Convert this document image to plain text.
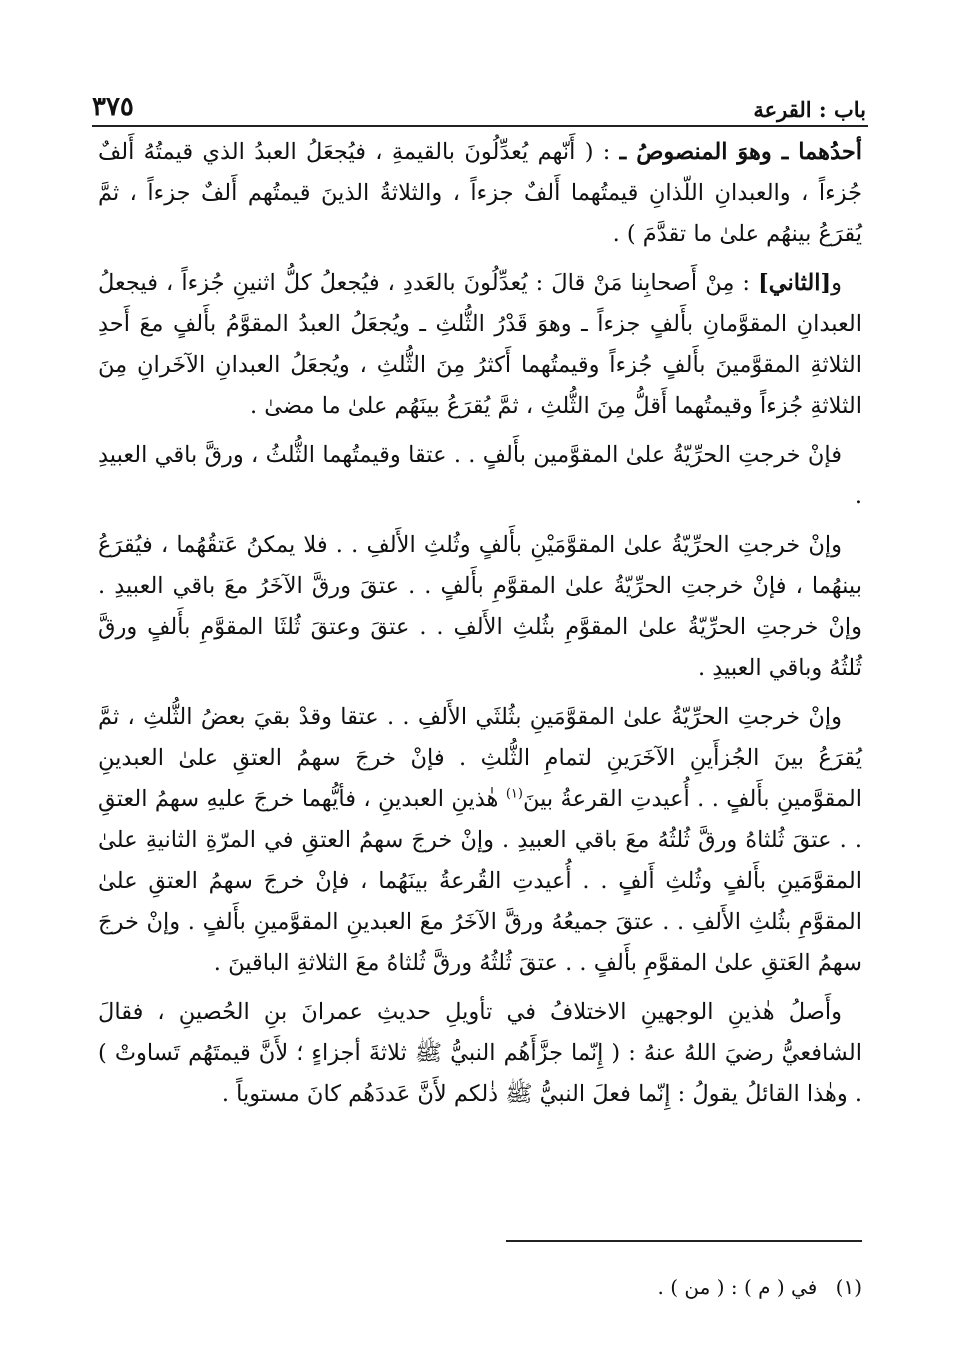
باب : القرعة
٣٧٥

أحدُهما ـ وهوَ المنصوصُ ـ : ( أَنّهم يُعدِّلُونَ بالقيمةِ ، فيُجعَلُ العبدُ الذي قيمتُهُ أَلفٌ جُزءاً ، والعبدانِ اللّذانِ قيمتُهما أَلفٌ جزءاً ، والثلاثةُ الذينَ قيمتُهم أَلفٌ جزءاً ، ثمَّ يُقرَعُ بينهُم علىٰ ما تقدَّمَ ) .

و[الثاني] : مِنْ أَصحابِنا مَنْ قالَ : يُعدِّلُونَ بالعَددِ ، فيُجعلُ كلُّ اثنينِ جُزءاً ، فيجعلُ العبدانِ المقوَّمانِ بأَلفٍ جزءاً ـ وهوَ قَدْرُ الثُّلثِ ـ ويُجعَلُ العبدُ المقوَّمُ بأَلفٍ معَ أَحدِ الثلاثةِ المقوَّمينَ بأَلفٍ جُزءاً وقيمتُهما أَكثرُ مِنَ الثُّلثِ ، ويُجعَلُ العبدانِ الآخَرانِ مِنَ الثلاثةِ جُزءاً وقيمتُهما أَقلُّ مِنَ الثُّلثِ ، ثمَّ يُقرَعُ بينَهُم علىٰ ما مضىٰ .

فإنْ خرجتِ الحرِّيّةُ علىٰ المقوَّمين بأَلفٍ . . عتقا وقيمتُهما الثُّلثُ ، ورقَّ باقي العبيدِ .

وإنْ خرجتِ الحرِّيّةُ علىٰ المقوَّمَيْنِ بأَلفٍ وثُلثِ الأَلفِ . . فلا يمكنُ عَتقُهُما ، فيُقرَعُ بينهُما ، فإنْ خرجتِ الحرِّيّةُ علىٰ المقوَّمِ بأَلفٍ . . عتقَ ورقَّ الآخَرُ معَ باقي العبيدِ . وإنْ خرجتِ الحرِّيّةُ علىٰ المقوَّمِ بثُلثِ الأَلفِ . . عتقَ وعتقَ ثُلثَا المقوَّمِ بأَلفٍ ورقَّ ثُلثُهُ وباقي العبيدِ .

وإنْ خرجتِ الحرِّيّةُ علىٰ المقوَّمَينِ بثُلثَي الأَلفِ . . عتقا وقدْ بقيَ بعضُ الثُّلثِ ، ثمَّ يُقرَعُ بينَ الجُزأَينِ الآخَرَينِ لتمامِ الثُّلثِ . فإنْ خرجَ سهمُ العتقِ علىٰ العبدينِ المقوَّمينِ بأَلفٍ . . أُعيدتِ القرعةُ بينَ$^{(١)}$ هٰذينِ العبدينِ ، فأيُّهما خرجَ عليهِ سهمُ العتقِ . . عتقَ ثُلثاهُ ورقَّ ثُلثُهُ معَ باقي العبيدِ . وإنْ خرجَ سهمُ العتقِ في المرّةِ الثانيةِ علىٰ المقوَّمَينِ بأَلفٍ وثُلثِ أَلفٍ . . أُعيدتِ القُرعةُ بينَهُما ، فإنْ خرجَ سهمُ العتقِ علىٰ المقوَّمِ بثُلثِ الأَلفِ . . عتقَ جميعُهُ ورقَّ الآخَرُ معَ العبدينِ المقوَّمينِ بأَلفٍ . وإنْ خرجَ سهمُ العَتقِ علىٰ المقوَّمِ بأَلفٍ . . عتقَ ثُلثُهُ ورقَّ ثُلثاهُ معَ الثلاثةِ الباقينَ .

وأَصلُ هٰذينِ الوجهينِ الاختلافُ في تأويلِ حديثِ عمرانَ بنِ الحُصينِ ، فقالَ الشافعيُّ رضيَ اللهُ عنهُ : ( إِنّما جزَّأَهُم النبيُّ ﷺ ثلاثةَ أجزاءٍ ؛ لأَنَّ قيمتَهُم تَساوتْ ) . وهٰذا القائلُ يقولُ : إِنّما فعلَ النبيُّ ﷺ ذٰلكم لأَنَّ عَددَهُم كانَ مستوياً .

(١) في ( م ) : ( من ) .
